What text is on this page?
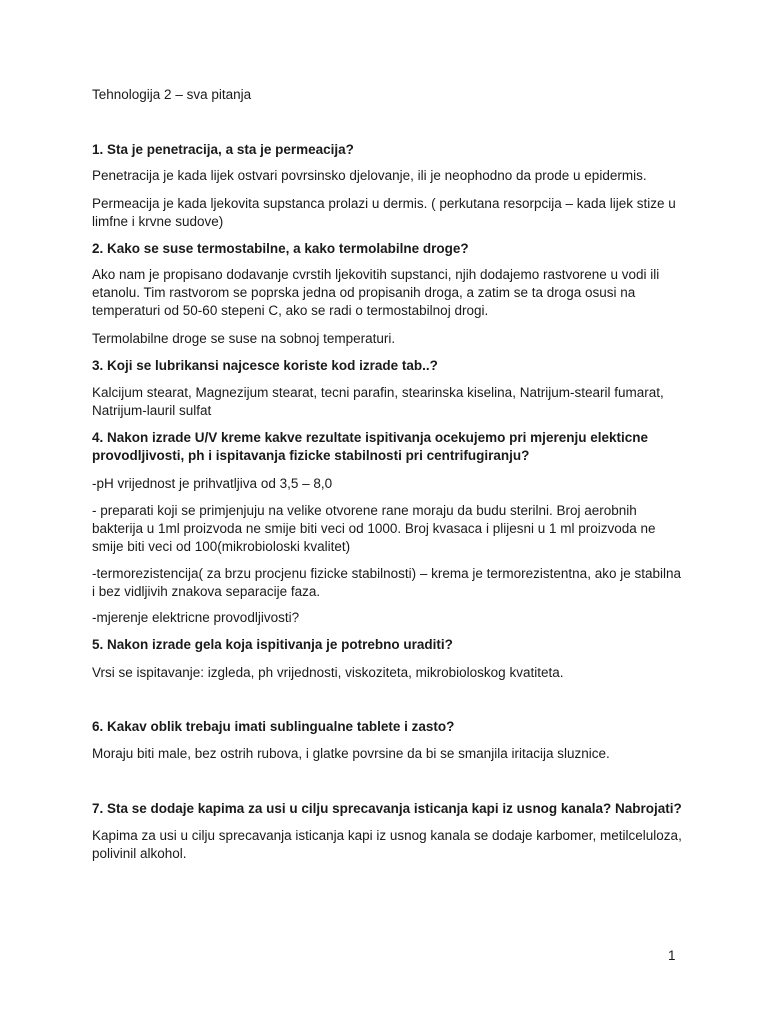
Tehnologija 2 – sva pitanja

1. Sta je penetracija, a sta je permeacija?

Penetracija je kada lijek ostvari povrsinsko djelovanje, ili je neophodno da prode u epidermis.

Permeacija je kada ljekovita supstanca prolazi u dermis. ( perkutana resorpcija – kada lijek stize u limfne i krvne sudove)

2. Kako se suse termostabilne, a kako termolabilne droge?

Ako nam je propisano dodavanje cvrstih ljekovitih supstanci, njih dodajemo rastvorene u vodi ili etanolu. Tim rastvorom se poprska jedna od propisanih droga, a zatim se ta droga osusi na temperaturi od 50-60 stepeni C, ako se radi o termostabilnoj drogi.

Termolabilne droge se suse na sobnoj temperaturi.

3. Koji se lubrikansi najcesce koriste kod izrade tab..?

Kalcijum stearat, Magnezijum stearat, tecni parafin, stearinska kiselina, Natrijum-stearil fumarat, Natrijum-lauril sulfat

4. Nakon izrade U/V kreme kakve rezultate ispitivanja ocekujemo pri mjerenju elekticne provodljivosti, ph i ispitavanja fizicke stabilnosti pri centrifugiranju?

-pH vrijednost je prihvatljiva od 3,5 – 8,0

- preparati koji se primjenjuju na velike otvorene rane moraju da budu sterilni. Broj aerobnih bakterija u 1ml proizvoda ne smije biti veci od 1000. Broj kvasaca i plijesni u 1 ml proizvoda ne smije biti veci od 100(mikrobioloski kvalitet)

-termorezistencija( za brzu procjenu fizicke stabilnosti) – krema je termorezistentna, ako je stabilna i bez vidljivih znakova separacije faza.

-mjerenje elektricne provodljivosti?

5. Nakon izrade gela koja ispitivanja je potrebno uraditi?

Vrsi se ispitavanje: izgleda, ph vrijednosti, viskoziteta, mikrobioloskog kvatiteta.

6. Kakav oblik trebaju imati sublingualne tablete i zasto?

Moraju biti male, bez ostrih rubova, i glatke povrsine da bi se smanjila iritacija sluznice.

7. Sta se dodaje kapima za usi u cilju sprecavanja isticanja kapi iz usnog kanala? Nabrojati?

Kapima za usi u cilju sprecavanja isticanja kapi iz usnog kanala se dodaje karbomer, metilceluloza, polivinil alkohol.

1
